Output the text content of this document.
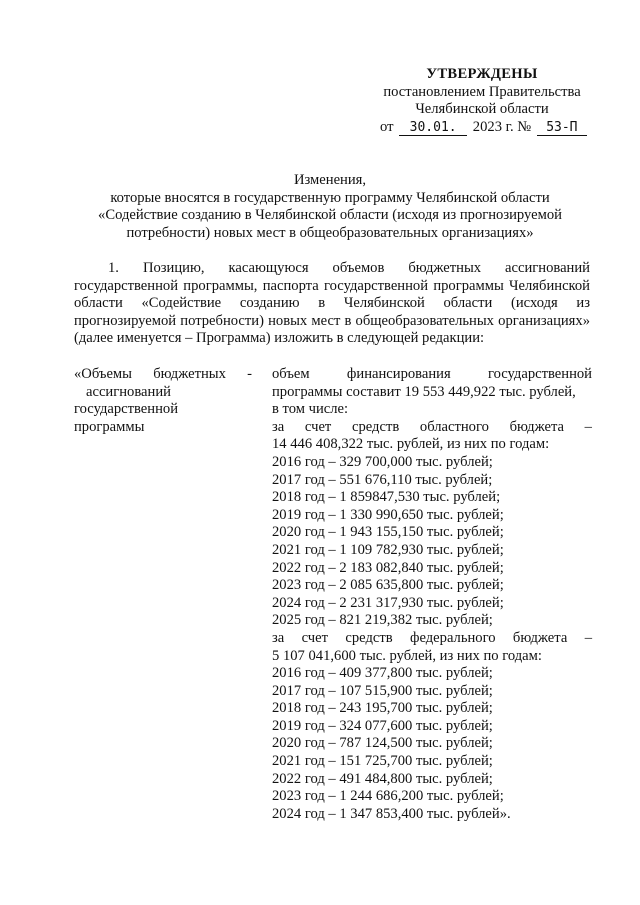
УТВЕРЖДЕНЫ
постановлением Правительства
Челябинской области
от 30.01. 2023 г. № 53-П
Изменения,
которые вносятся в государственную программу Челябинской области
«Содействие созданию в Челябинской области (исходя из прогнозируемой
потребности) новых мест в общеобразовательных организациях»
1. Позицию, касающуюся объемов бюджетных ассигнований государственной программы, паспорта государственной программы Челябинской области «Содействие созданию в Челябинской области (исходя из прогнозируемой потребности) новых мест в общеобразовательных организациях» (далее именуется – Программа) изложить в следующей редакции:
«Объемы бюджетных -
ассигнований
государственной
программы
объем	финансирования	государственной
программы составит 19 553 449,922 тыс. рублей,
в том числе:
за счет средств областного бюджета –
14 446 408,322 тыс. рублей, из них по годам:
2016 год – 329 700,000 тыс. рублей;
2017 год – 551 676,110 тыс. рублей;
2018 год – 1 859847,530 тыс. рублей;
2019 год – 1 330 990,650 тыс. рублей;
2020 год – 1 943 155,150 тыс. рублей;
2021 год – 1 109 782,930 тыс. рублей;
2022 год – 2 183 082,840 тыс. рублей;
2023 год – 2 085 635,800 тыс. рублей;
2024 год – 2 231 317,930 тыс. рублей;
2025 год – 821 219,382 тыс. рублей;
за счет средств федерального бюджета –
5 107 041,600 тыс. рублей, из них по годам:
2016 год – 409 377,800 тыс. рублей;
2017 год – 107 515,900 тыс. рублей;
2018 год – 243 195,700 тыс. рублей;
2019 год – 324 077,600 тыс. рублей;
2020 год – 787 124,500 тыс. рублей;
2021 год – 151 725,700 тыс. рублей;
2022 год – 491 484,800 тыс. рублей;
2023 год – 1 244 686,200 тыс. рублей;
2024 год – 1 347 853,400 тыс. рублей».
